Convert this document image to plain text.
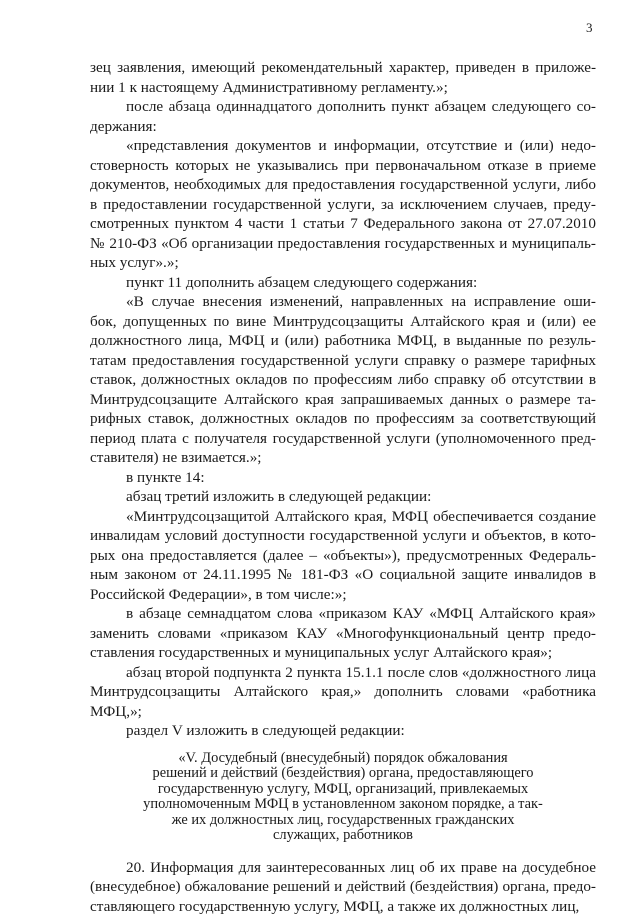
3
зец заявления, имеющий рекомендательный характер, приведен в приложе-
нии 1 к настоящему Административному регламенту.»;
после абзаца одиннадцатого дополнить пункт абзацем следующего со-
держания:
«представления документов и информации, отсутствие и (или) недо-
стоверность которых не указывались при первоначальном отказе в приеме
документов, необходимых для предоставления государственной услуги, либо
в предоставлении государственной услуги, за исключением случаев, преду-
смотренных пунктом 4 части 1 статьи 7 Федерального закона от 27.07.2010
№ 210-ФЗ «Об организации предоставления государственных и муниципаль-
ных услуг».»;
пункт 11 дополнить абзацем следующего содержания:
«В случае внесения изменений, направленных на исправление оши-
бок, допущенных по вине Минтрудсоцзащиты Алтайского края и (или) ее
должностного лица, МФЦ и (или) работника МФЦ, в выданные по резуль-
татам предоставления государственной услуги справку о размере тарифных
ставок, должностных окладов по профессиям либо справку об отсутствии в
Минтрудсоцзащите Алтайского края запрашиваемых данных о размере та-
рифных ставок, должностных окладов по профессиям за соответствующий
период плата с получателя государственной услуги (уполномоченного пред-
ставителя) не взимается.»;
в пункте 14:
абзац третий изложить в следующей редакции:
«Минтрудсоцзащитой Алтайского края, МФЦ обеспечивается создание
инвалидам условий доступности государственной услуги и объектов, в кото-
рых она предоставляется (далее – «объекты»), предусмотренных Федераль-
ным законом от 24.11.1995 № 181-ФЗ «О социальной защите инвалидов в
Российской Федерации», в том числе:»;
в абзаце семнадцатом слова «приказом КАУ «МФЦ Алтайского края»
заменить словами «приказом КАУ «Многофункциональный центр предо-
ставления государственных и муниципальных услуг Алтайского края»;
абзац второй подпункта 2 пункта 15.1.1 после слов «должностного лица
Минтрудсоцзащиты Алтайского края,» дополнить словами «работника
МФЦ,»;
раздел V изложить в следующей редакции:
«V. Досудебный (внесудебный) порядок обжалования
решений и действий (бездействия) органа, предоставляющего
государственную услугу, МФЦ, организаций, привлекаемых
уполномоченным МФЦ в установленном законом порядке, а так-
же их должностных лиц, государственных гражданских
служащих, работников
20. Информация для заинтересованных лиц об их праве на досудебное
(внесудебное) обжалование решений и действий (бездействия) органа, предо-
ставляющего государственную услугу, МФЦ, а также их должностных лиц,
